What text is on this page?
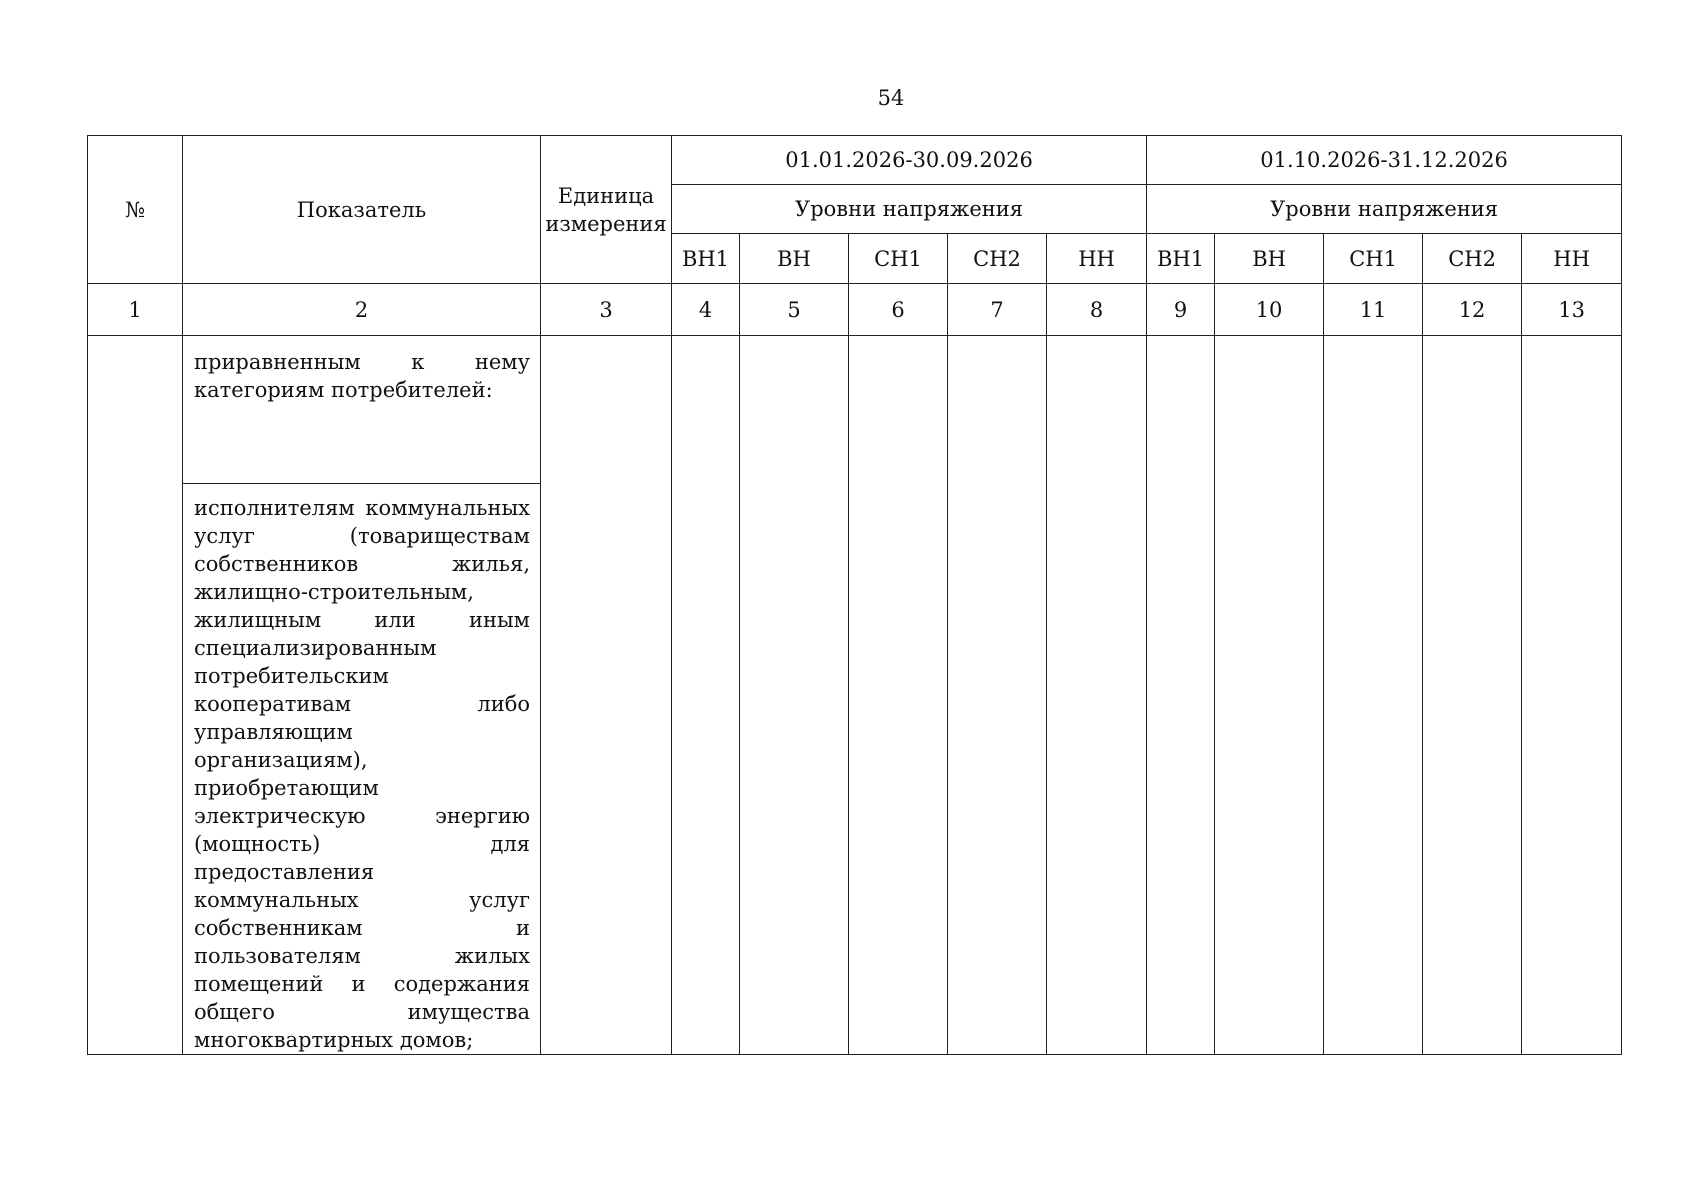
54
№	Показатель	Единица измерения	01.01.2026-30.09.2026					01.10.2026-31.12.2026				
			Уровни напряжения					Уровни напряжения				
			ВН1	ВН	СН1	СН2	НН	ВН1	ВН	СН1	СН2	НН
1	2	3	4	5	6	7	8	9	10	11	12	13
	приравненным к нему категориям потребителей:											
	исполнителям коммунальных услуг (товариществам собственников жилья, жилищно-строительным, жилищным или иным специализированным потребительским кооперативам либо управляющим организациям), приобретающим электрическую энергию (мощность) для предоставления коммунальных услуг собственникам и пользователям жилых помещений и содержания общего имущества многоквартирных домов;											
